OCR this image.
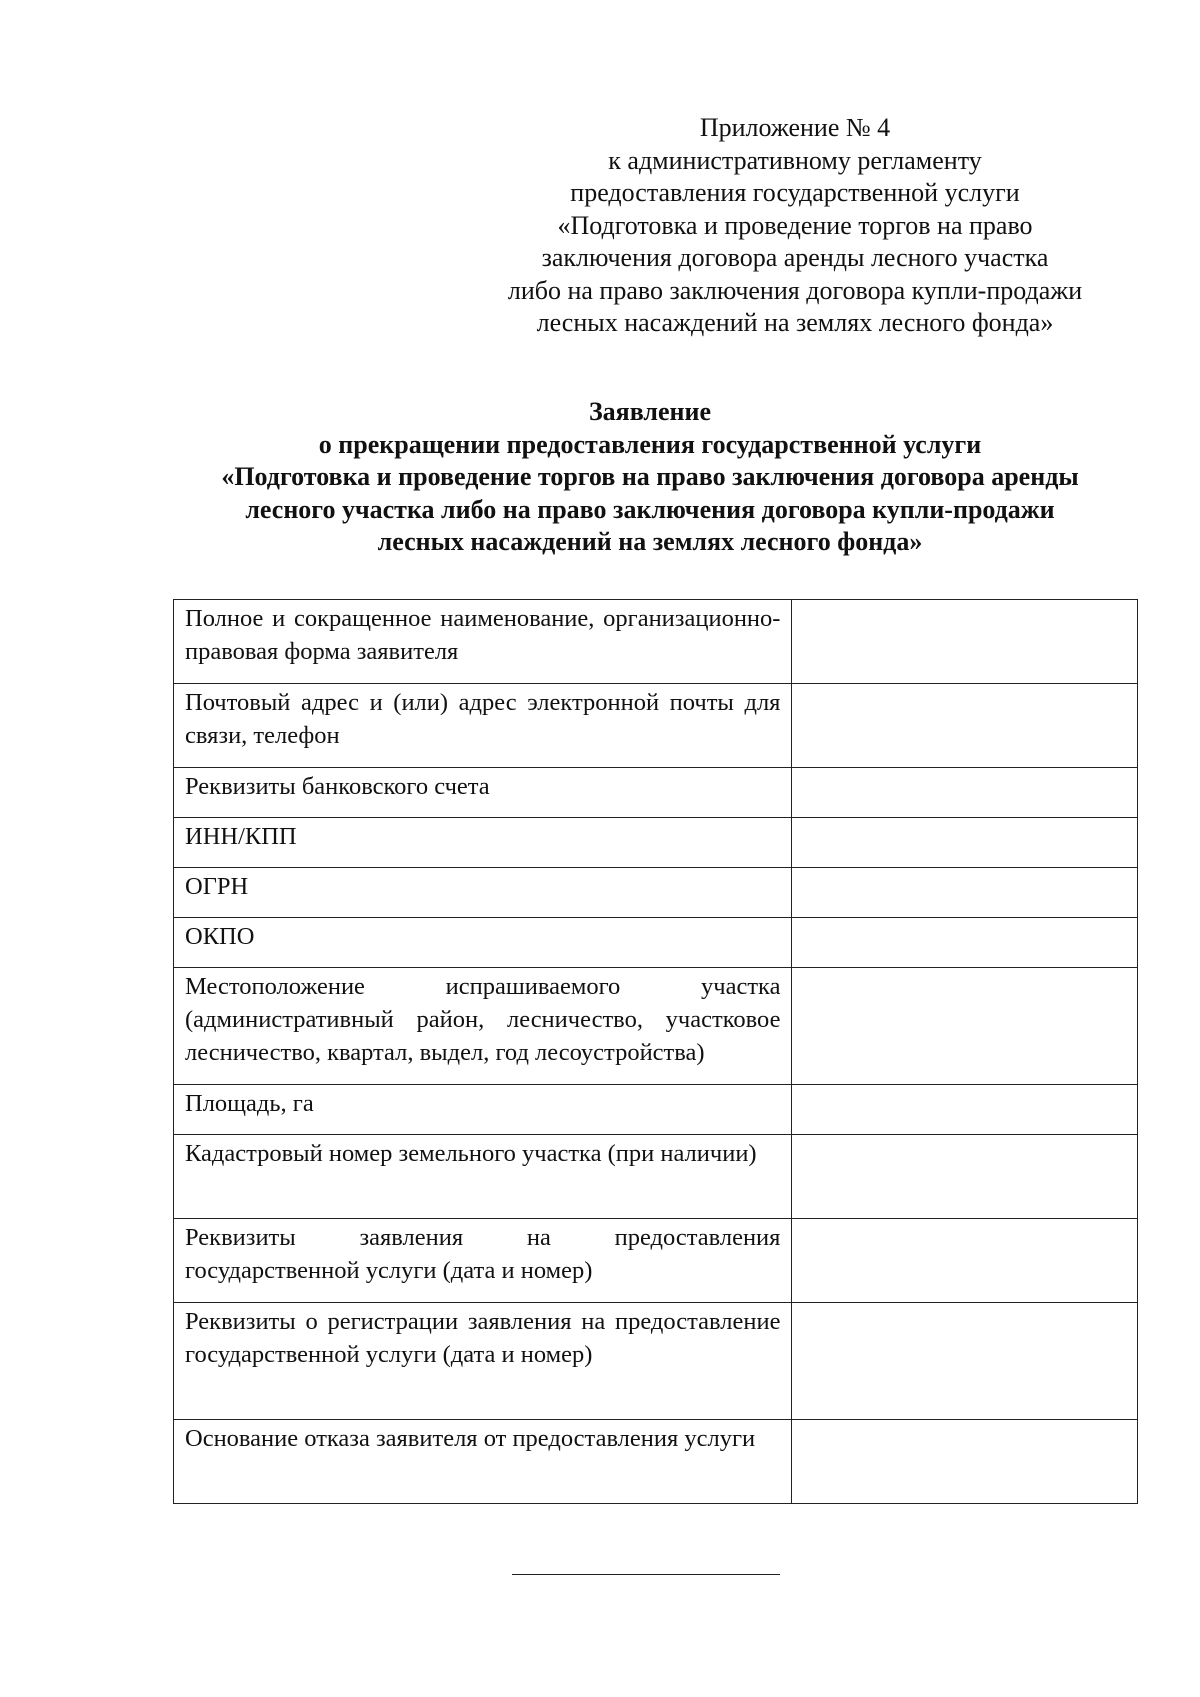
Приложение № 4
к административному регламенту
предоставления государственной услуги
«Подготовка и проведение торгов на право
заключения договора аренды лесного участка
либо на право заключения договора купли-продажи
лесных насаждений на землях лесного фонда»
Заявление
о прекращении предоставления государственной услуги
«Подготовка и проведение торгов на право заключения договора аренды
лесного участка либо на право заключения договора купли-продажи
лесных насаждений на землях лесного фонда»
Полное и сокращенное наименование, организационно-правовая форма заявителя	
Почтовый адрес и (или) адрес электронной почты для связи, телефон	
Реквизиты банковского счета	
ИНН/КПП	
ОГРН	
ОКПО	
Местоположение испрашиваемого участка (административный район, лесничество, участковое лесничество, квартал, выдел, год лесоустройства)	
Площадь, га	
Кадастровый номер земельного участка (при наличии)	
Реквизиты заявления на предоставления государственной услуги (дата и номер)	
Реквизиты о регистрации заявления на предоставление государственной услуги (дата и номер)	
Основание отказа заявителя от предоставления услуги	
